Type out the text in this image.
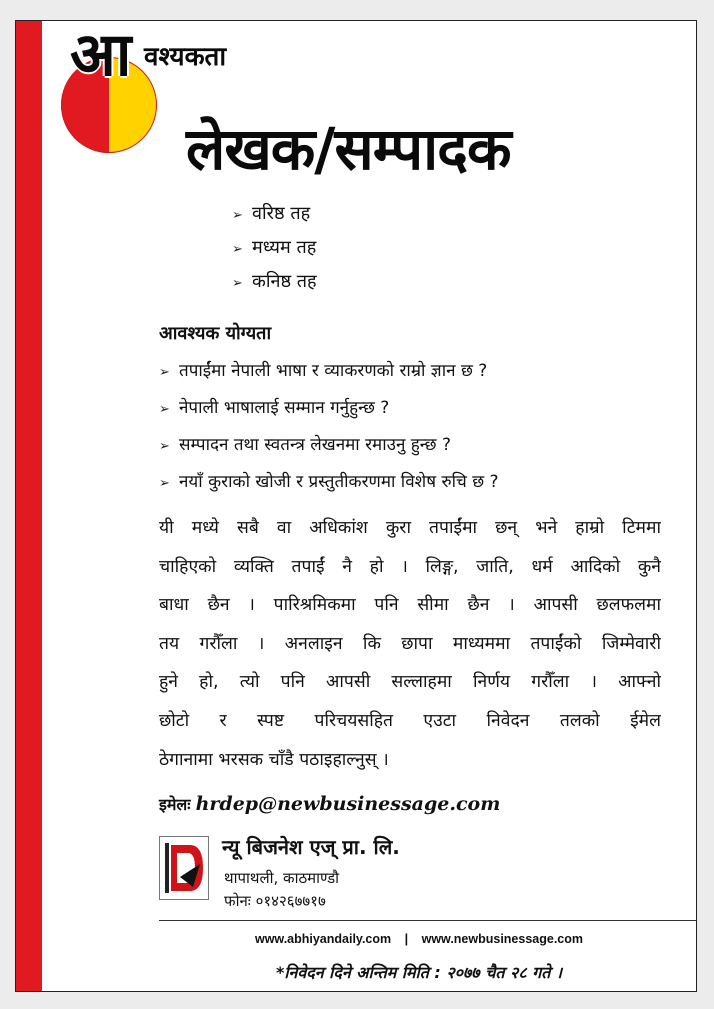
आ वश्यकता
लेखक/सम्पादक
➢ वरिष्ठ तह
➢ मध्यम तह
➢ कनिष्ठ तह
आवश्यक योग्यता
➢ तपाईंमा नेपाली भाषा र व्याकरणको राम्रो ज्ञान छ ?
➢ नेपाली भाषालाई सम्मान गर्नुहुन्छ ?
➢ सम्पादन तथा स्वतन्त्र लेखनमा रमाउनु हुन्छ ?
➢ नयाँ कुराको खोजी र प्रस्तुतीकरणमा विशेष रुचि छ ?
यी मध्ये सबै वा अधिकांश कुरा तपाईंमा छन् भने हाम्रो टिममा
चाहिएको व्यक्ति तपाईं नै हो । लिङ्ग, जाति, धर्म आदिको कुनै
बाधा छैन । पारिश्रमिकमा पनि सीमा छैन । आपसी छलफलमा
तय गरौँला । अनलाइन कि छापा माध्यममा तपाईंको जिम्मेवारी
हुने हो, त्यो पनि आपसी सल्लाहमा निर्णय गरौँला । आफ्नो
छोटो र स्पष्ट परिचयसहित एउटा निवेदन तलको ईमेल
ठेगानामा भरसक चाँडै पठाइहाल्नुस् ।
इमेलः hrdep@newbusinessage.com
न्यू बिजनेश एज् प्रा. लि.
थापाथली, काठमाण्डौ
फोनः ०१४२६७७१७
www.abhiyandaily.com | www.newbusinessage.com
*निवेदन दिने अन्तिम मिति : २०७७ चैत २८ गते ।
